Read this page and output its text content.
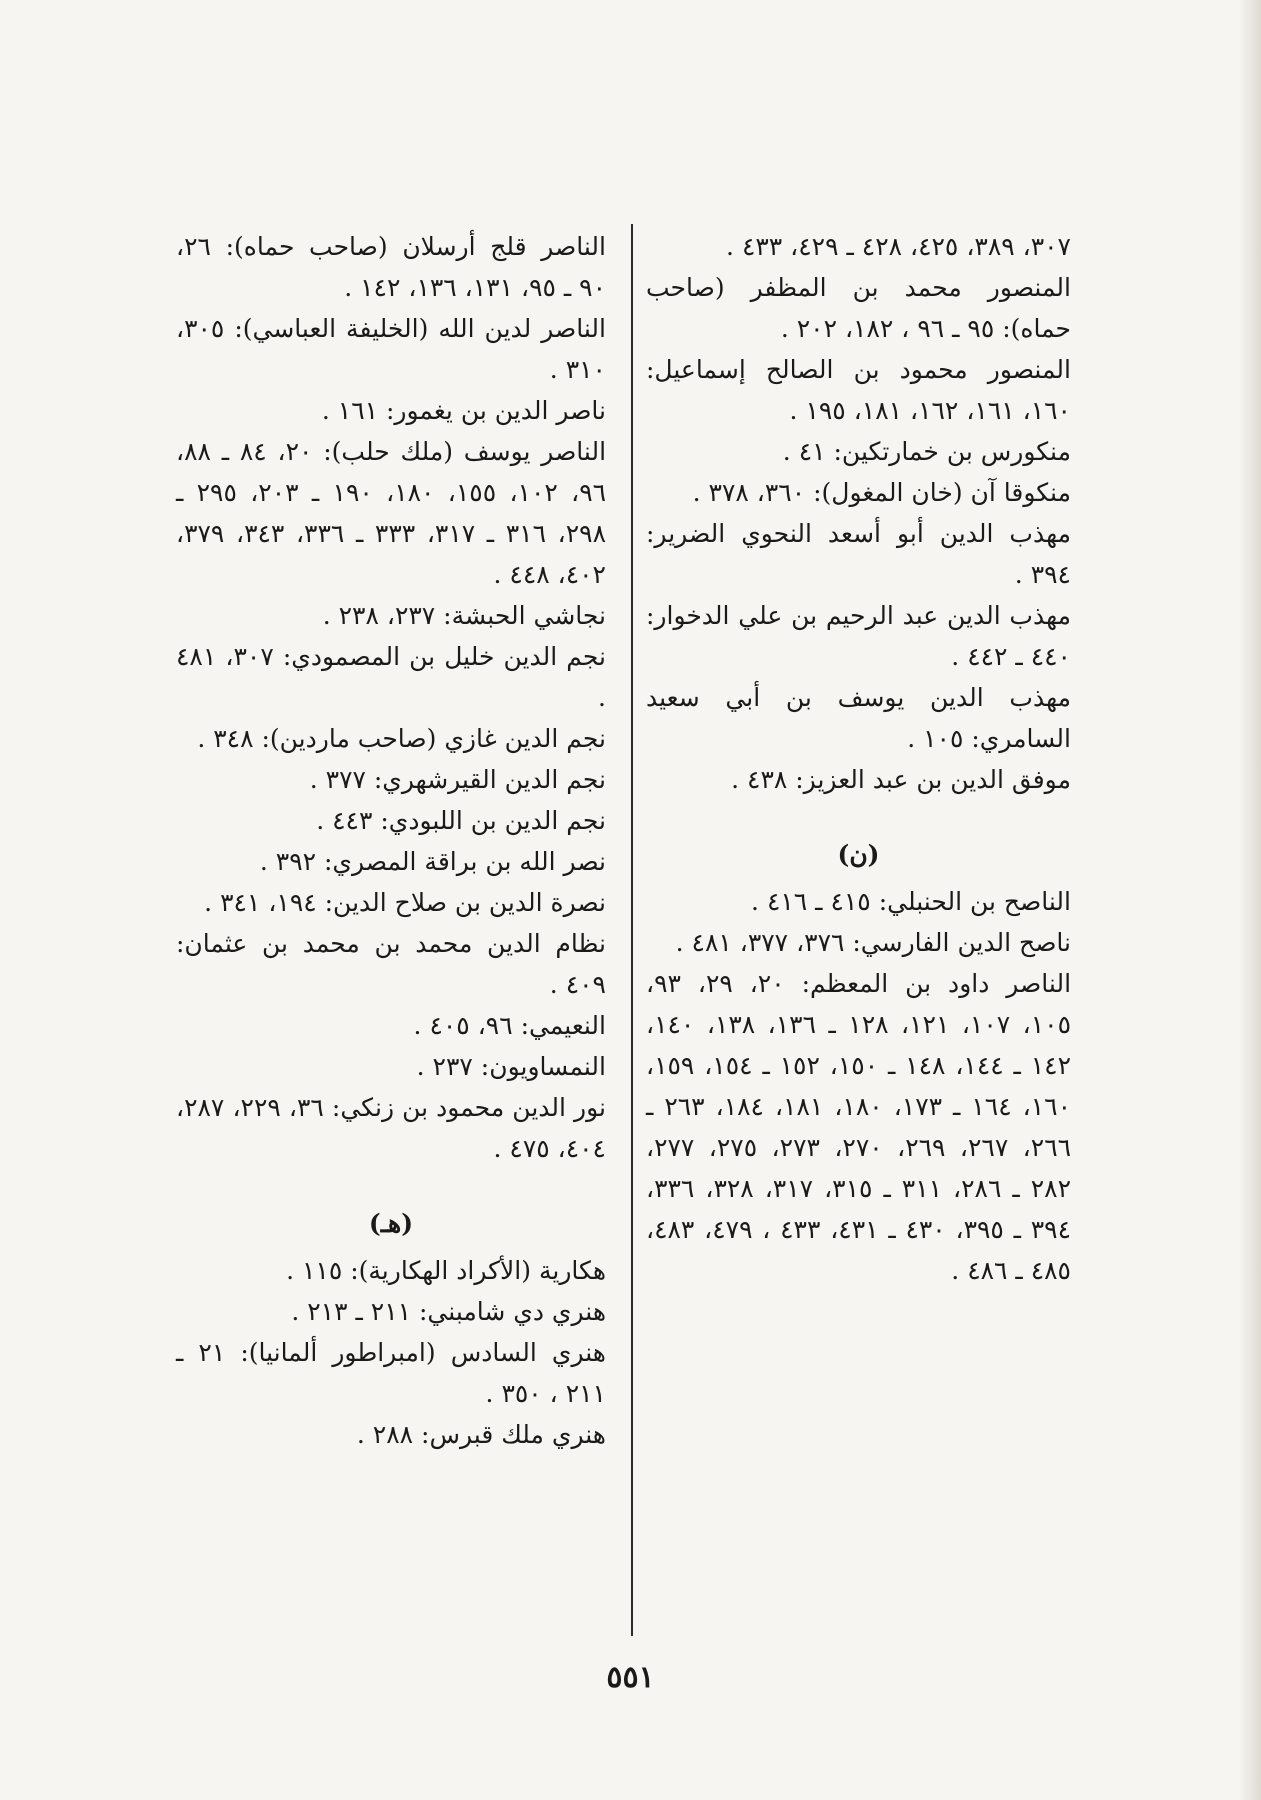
٣٠٧، ٣٨٩، ٤٢٥، ٤٢٨ ـ ٤٢٩، ٤٣٣ .

المنصور محمد بن المظفر (صاحب حماه): ٩٥ ـ ٩٦ ، ١٨٢، ٢٠٢ .

المنصور محمود بن الصالح إسماعيل: ١٦٠، ١٦١، ١٦٢، ١٨١، ١٩٥ .

منكورس بن خمارتكين: ٤١ .

منكوقا آن (خان المغول): ٣٦٠، ٣٧٨ .

مهذب الدين أبو أسعد النحوي الضرير: ٣٩٤ .

مهذب الدين عبد الرحيم بن علي الدخوار: ٤٤٠ ـ ٤٤٢ .

مهذب الدين يوسف بن أبي سعيد السامري: ١٠٥ .

موفق الدين بن عبد العزيز: ٤٣٨ .

(ن)

الناصح بن الحنبلي: ٤١٥ ـ ٤١٦ .

ناصح الدين الفارسي: ٣٧٦، ٣٧٧، ٤٨١ .

الناصر داود بن المعظم: ٢٠، ٢٩، ٩٣، ١٠٥، ١٠٧، ١٢١، ١٢٨ ـ ١٣٦، ١٣٨، ١٤٠، ١٤٢ ـ ١٤٤، ١٤٨ ـ ١٥٠، ١٥٢ ـ ١٥٤، ١٥٩، ١٦٠، ١٦٤ ـ ١٧٣، ١٨٠، ١٨١، ١٨٤، ٢٦٣ ـ ٢٦٦، ٢٦٧، ٢٦٩، ٢٧٠، ٢٧٣، ٢٧٥، ٢٧٧، ٢٨٢ ـ ٢٨٦، ٣١١ ـ ٣١٥، ٣١٧، ٣٢٨، ٣٣٦، ٣٩٤ ـ ٣٩٥، ٤٣٠ ـ ٤٣١، ٤٣٣ ، ٤٧٩، ٤٨٣، ٤٨٥ ـ ٤٨٦ .

الناصر قلج أرسلان (صاحب حماه): ٢٦، ٩٠ ـ ٩٥، ١٣١، ١٣٦، ١٤٢ .

الناصر لدين الله (الخليفة العباسي): ٣٠٥، ٣١٠ .

ناصر الدين بن يغمور: ١٦١ .

الناصر يوسف (ملك حلب): ٢٠، ٨٤ ـ ٨٨، ٩٦، ١٠٢، ١٥٥، ١٨٠، ١٩٠ ـ ٢٠٣، ٢٩٥ ـ ٢٩٨، ٣١٦ ـ ٣١٧، ٣٣٣ ـ ٣٣٦، ٣٤٣، ٣٧٩، ٤٠٢، ٤٤٨ .

نجاشي الحبشة: ٢٣٧، ٢٣٨ .

نجم الدين خليل بن المصمودي: ٣٠٧، ٤٨١ .

نجم الدين غازي (صاحب ماردين): ٣٤٨ .

نجم الدين القيرشهري: ٣٧٧ .

نجم الدين بن اللبودي: ٤٤٣ .

نصر الله بن براقة المصري: ٣٩٢ .

نصرة الدين بن صلاح الدين: ١٩٤، ٣٤١ .

نظام الدين محمد بن محمد بن عثمان: ٤٠٩ .

النعيمي: ٩٦، ٤٠٥ .

النمساويون: ٢٣٧ .

نور الدين محمود بن زنكي: ٣٦، ٢٢٩، ٢٨٧، ٤٠٤، ٤٧٥ .

(هـ)

هكارية (الأكراد الهكارية): ١١٥ .

هنري دي شامبني: ٢١١ ـ ٢١٣ .

هنري السادس (امبراطور ألمانيا): ٢١ ـ ٢١١ ، ٣٥٠ .

هنري ملك قبرس: ٢٨٨ .

٥٥١
